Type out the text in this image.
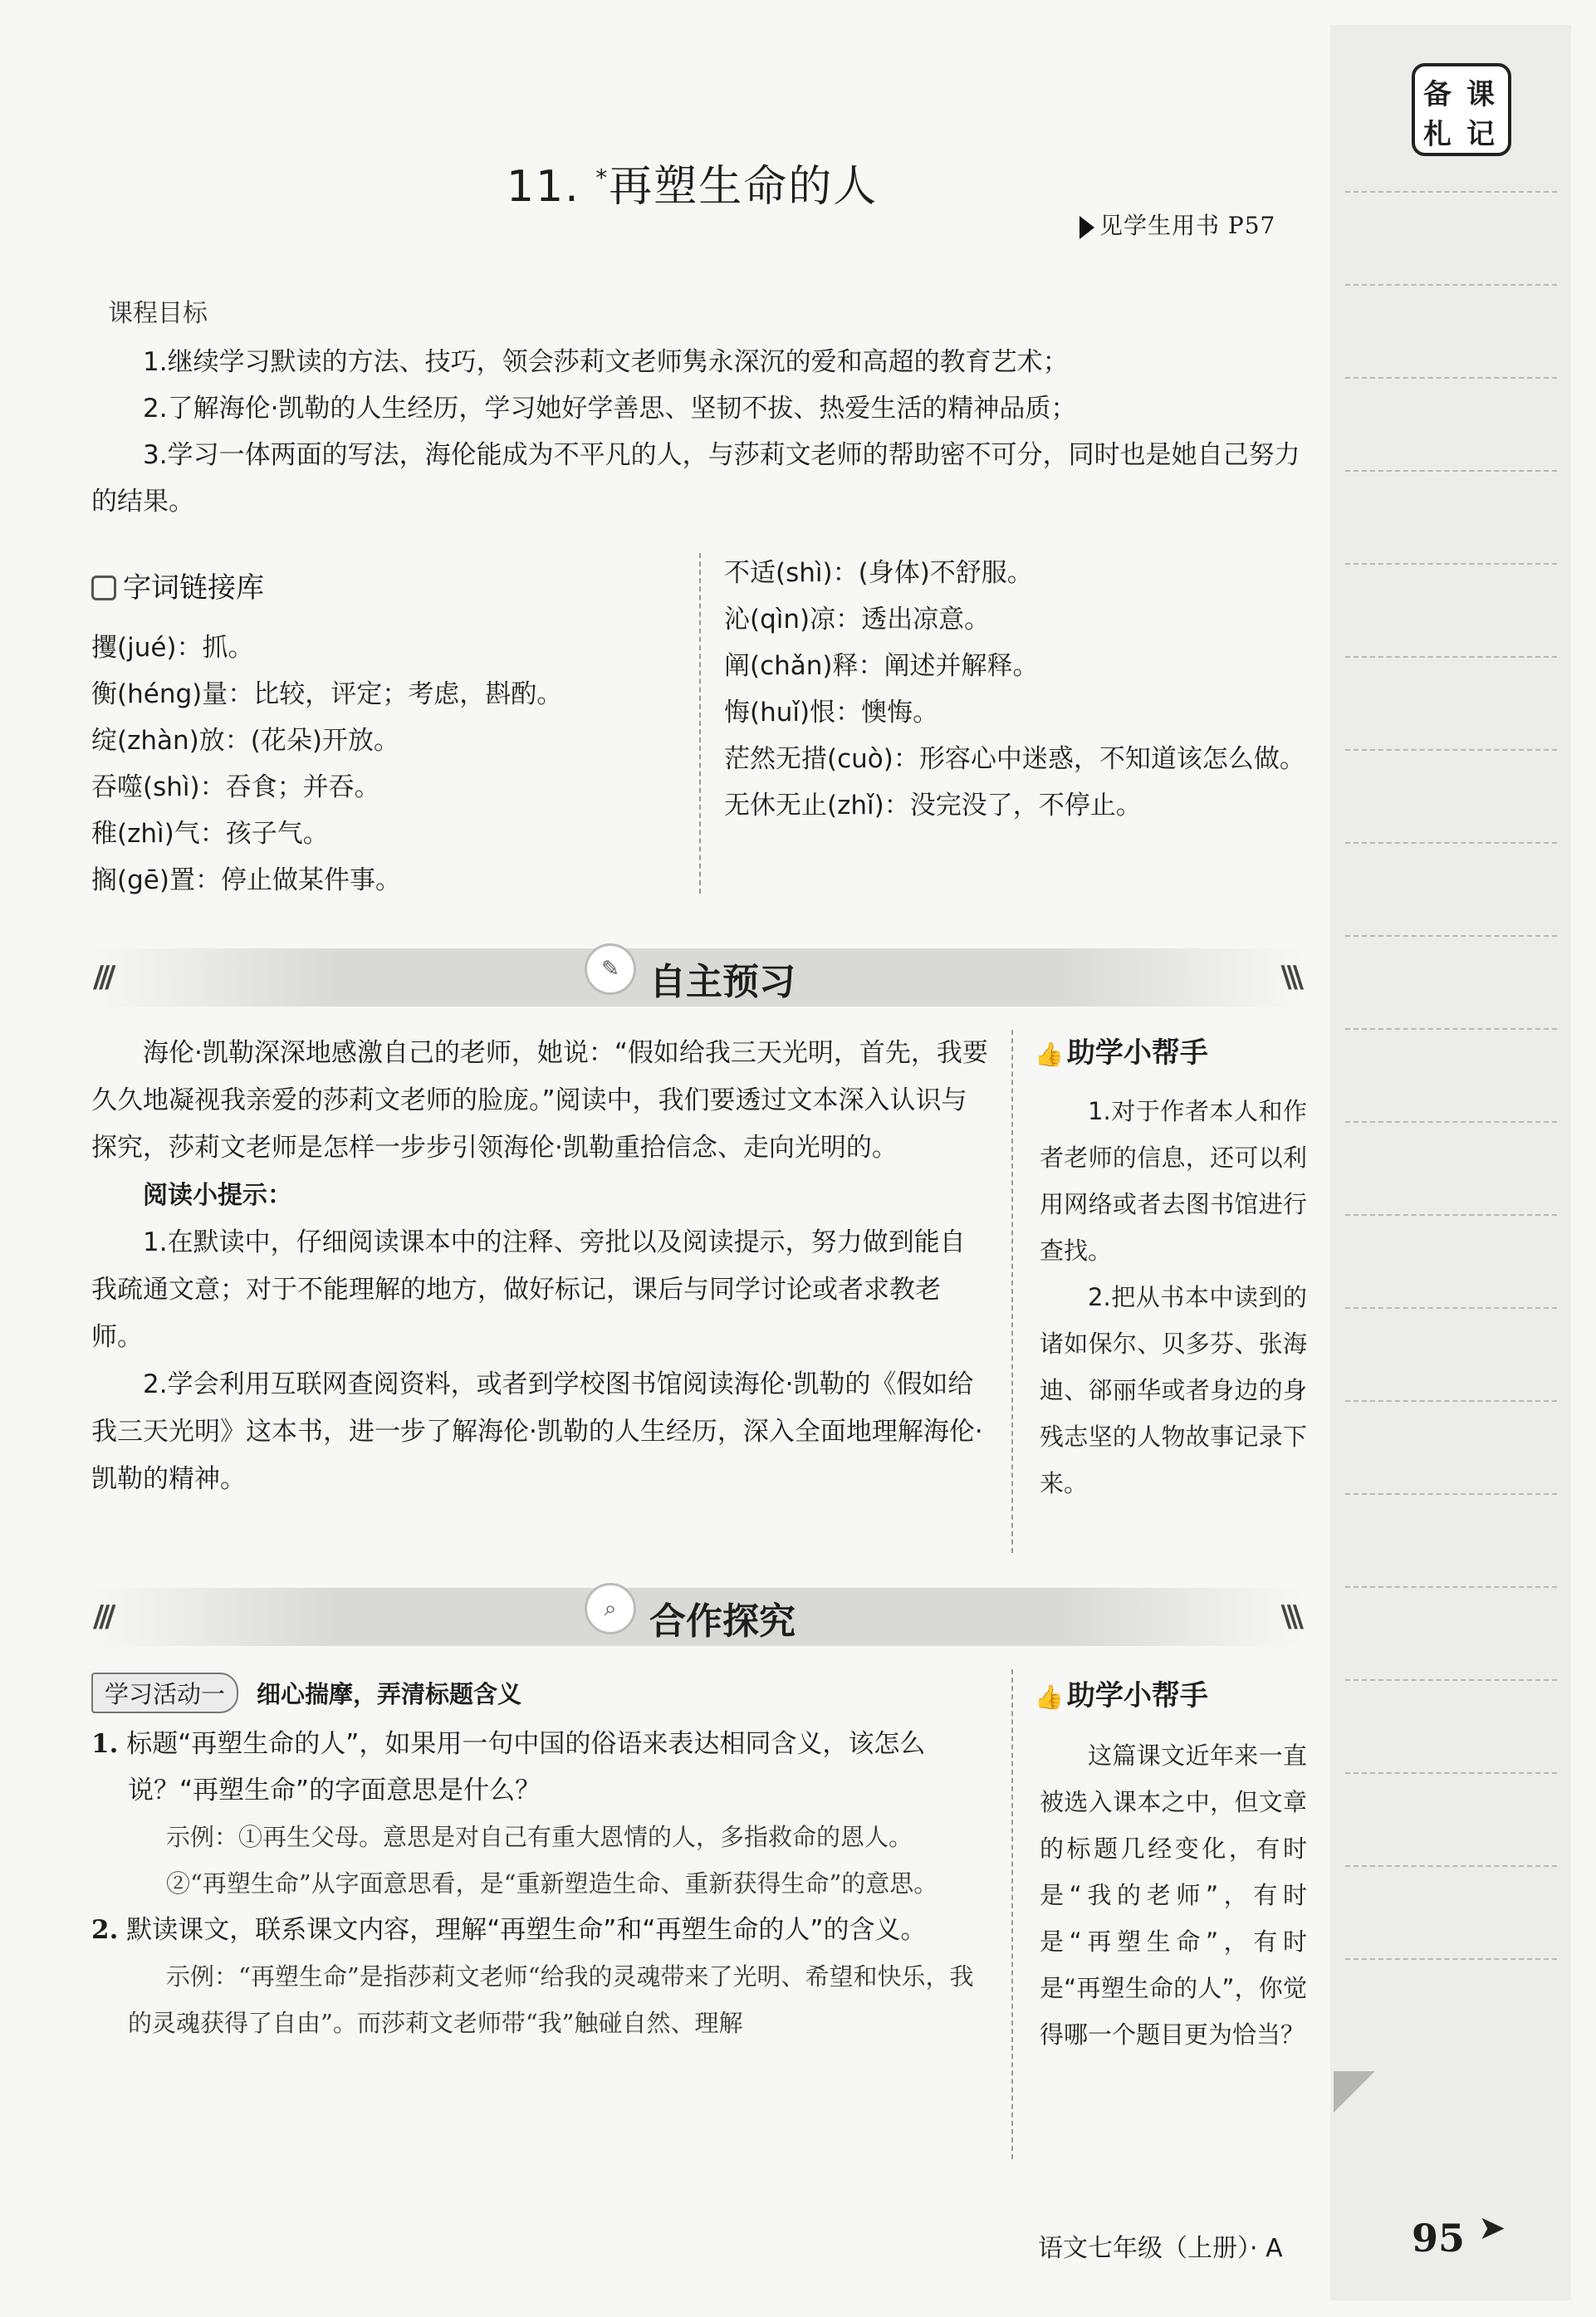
备 课
札 记
11. *再塑生命的人
见学生用书 P57
课程目标

1.继续学习默读的方法、技巧，领会莎莉文老师隽永深沉的爱和高超的教育艺术；

2.了解海伦·凯勒的人生经历，学习她好学善思、坚韧不拔、热爱生活的精神品质；

3.学习一体两面的写法，海伦能成为不平凡的人，与莎莉文老师的帮助密不可分，同时也是她自己努力的结果。

字词链接库

攫(jué)：抓。

衡(héng)量：比较，评定；考虑，斟酌。

绽(zhàn)放：(花朵)开放。

吞噬(shì)：吞食；并吞。

稚(zhì)气：孩子气。

搁(gē)置：停止做某件事。

不适(shì)：(身体)不舒服。

沁(qìn)凉：透出凉意。

阐(chǎn)释：阐述并解释。

悔(huǐ)恨：懊悔。

茫然无措(cuò)：形容心中迷惑，不知道该怎么做。

无休无止(zhǐ)：没完没了，不停止。

///	✎ 自主预习	\\\

海伦·凯勒深深地感激自己的老师，她说：“假如给我三天光明，首先，我要久久地凝视我亲爱的莎莉文老师的脸庞。”阅读中，我们要透过文本深入认识与探究，莎莉文老师是怎样一步步引领海伦·凯勒重拾信念、走向光明的。

阅读小提示：

1.在默读中，仔细阅读课本中的注释、旁批以及阅读提示，努力做到能自我疏通文意；对于不能理解的地方，做好标记，课后与同学讨论或者求教老师。

2.学会利用互联网查阅资料，或者到学校图书馆阅读海伦·凯勒的《假如给我三天光明》这本书，进一步了解海伦·凯勒的人生经历，深入全面地理解海伦·凯勒的精神。

👍 助学小帮手

1.对于作者本人和作者老师的信息，还可以利用网络或者去图书馆进行查找。

2.把从书本中读到的诸如保尔、贝多芬、张海迪、郤丽华或者身边的身残志坚的人物故事记录下来。

///	⌕ 合作探究	\\\
学习活动一 细心揣摩，弄清标题含义

1. 标题“再塑生命的人”，如果用一句中国的俗语来表达相同含义，该怎么说？“再塑生命”的字面意思是什么？

示例：①再生父母。意思是对自己有重大恩情的人，多指救命的恩人。

②“再塑生命”从字面意思看，是“重新塑造生命、重新获得生命”的意思。

2. 默读课文，联系课文内容，理解“再塑生命”和“再塑生命的人”的含义。

示例：“再塑生命”是指莎莉文老师“给我的灵魂带来了光明、希望和快乐，我的灵魂获得了自由”。而莎莉文老师带“我”触碰自然、理解

👍 助学小帮手

这篇课文近年来一直被选入课本之中，但文章的标题几经变化，有时是“我的老师”，有时是“再塑生命”，有时是“再塑生命的人”，你觉得哪一个题目更为恰当？

语文七年级（上册）· A	95 ➤
